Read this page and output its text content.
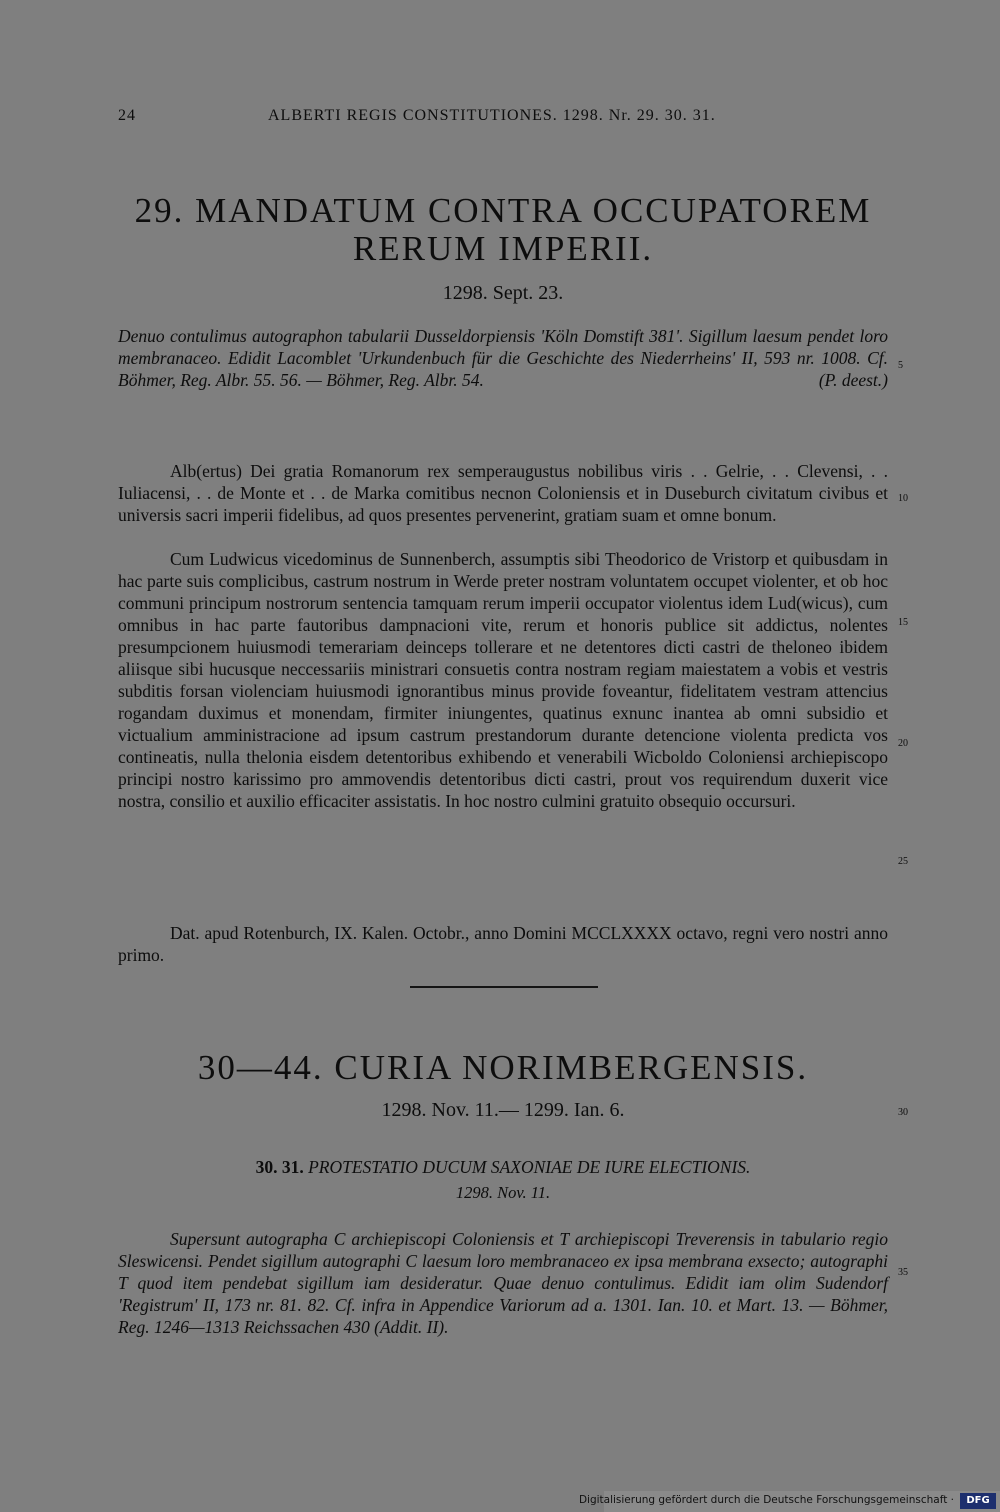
24	ALBERTI REGIS CONSTITUTIONES. 1298. Nr. 29. 30. 31.
29. MANDATUM CONTRA OCCUPATOREM
RERUM IMPERII.
1298. Sept. 23.
Denuo contulimus autographon tabularii Dusseldorpiensis 'Köln Domstift 381'. Sigillum laesum pendet loro membranaceo. Edidit Lacomblet 'Urkundenbuch für die Geschichte des Niederrheins' II, 593 nr. 1008. Cf. Böhmer, Reg. Albr. 55. 56. — Böhmer, Reg. Albr. 54.	(P. deest.)

Alb(ertus) Dei gratia Romanorum rex semperaugustus nobilibus viris . . Gelrie, . . Clevensi, . . Iuliacensi, . . de Monte et . . de Marka comitibus necnon Coloniensis et in Duseburch civitatum civibus et universis sacri imperii fidelibus, ad quos presentes pervenerint, gratiam suam et omne bonum.

Cum Ludwicus vicedominus de Sunnenberch, assumptis sibi Theodorico de Vristorp et quibusdam in hac parte suis complicibus, castrum nostrum in Werde preter nostram voluntatem occupet violenter, et ob hoc communi principum nostrorum sentencia tamquam rerum imperii occupator violentus idem Lud(wicus), cum omnibus in hac parte fautoribus dampnacioni vite, rerum et honoris publice sit addictus, nolentes presumpcionem huiusmodi temerariam deinceps tollerare et ne detentores dicti castri de theloneo ibidem aliisque sibi hucusque neccessariis ministrari consuetis contra nostram regiam maiestatem a vobis et vestris subditis forsan violenciam huiusmodi ignorantibus minus provide foveantur, fidelitatem vestram attencius rogandam duximus et monendam, firmiter iniungentes, quatinus exnunc inantea ab omni subsidio et victualium amministracione ad ipsum castrum prestandorum durante detencione violenta predicta vos contineatis, nulla thelonia eisdem detentoribus exhibendo et venerabili Wicboldo Coloniensi archiepiscopo principi nostro karissimo pro ammovendis detentoribus dicti castri, prout vos requirendum duxerit vice nostra, consilio et auxilio efficaciter assistatis. In hoc nostro culmini gratuito obsequio occursuri.

Dat. apud Rotenburch, IX. Kalen. Octobr., anno Domini MCCLXXXX octavo, regni vero nostri anno primo.

5
10
15
20
25
30
35
30—44. CURIA NORIMBERGENSIS.
1298. Nov. 11.— 1299. Ian. 6.
30. 31. PROTESTATIO DUCUM SAXONIAE DE IURE ELECTIONIS.
1298. Nov. 11.

Supersunt autographa C archiepiscopi Coloniensis et T archiepiscopi Treverensis in tabulario regio Sleswicensi. Pendet sigillum autographi C laesum loro membranaceo ex ipsa membrana exsecto; autographi T quod item pendebat sigillum iam desideratur. Quae denuo contulimus. Edidit iam olim Sudendorf 'Registrum' II, 173 nr. 81. 82. Cf. infra in Appendice Variorum ad a. 1301. Ian. 10. et Mart. 13. — Böhmer, Reg. 1246—1313 Reichssachen 430 (Addit. II).

Digitalisierung gefördert durch die Deutsche Forschungsgemeinschaft ·	DFG
